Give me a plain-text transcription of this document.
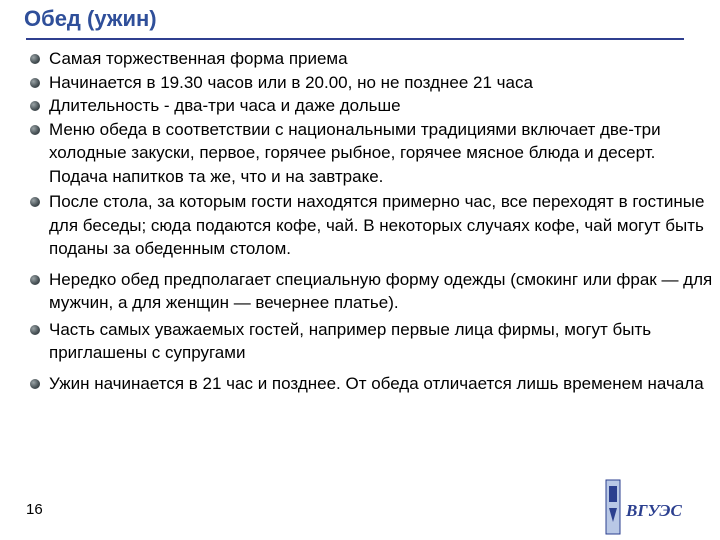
Обед (ужин)
Самая торжественная форма приема
Начинается в 19.30 часов или в 20.00, но не позднее 21 часа
Длительность - два-три часа и даже дольше
Меню обеда в соответствии с национальными традициями включает две-три холодные закуски, первое, горячее рыбное, горячее мясное блюда и десерт. Подача напитков та же, что и на завтраке.
После стола, за которым гости находятся примерно час, все переходят в гостиные для беседы; сюда подаются кофе, чай. В некоторых случаях кофе, чай могут быть поданы за обеденным столом.
Нередко обед предполагает специальную форму одежды (смокинг или фрак — для мужчин, а для женщин — вечернее платье).
Часть самых уважаемых гостей, например первые лица фирмы, могут быть приглашены с супругами
Ужин начинается в 21 час и позднее. От обеда отличается лишь временем начала
16	ВГУЭС
